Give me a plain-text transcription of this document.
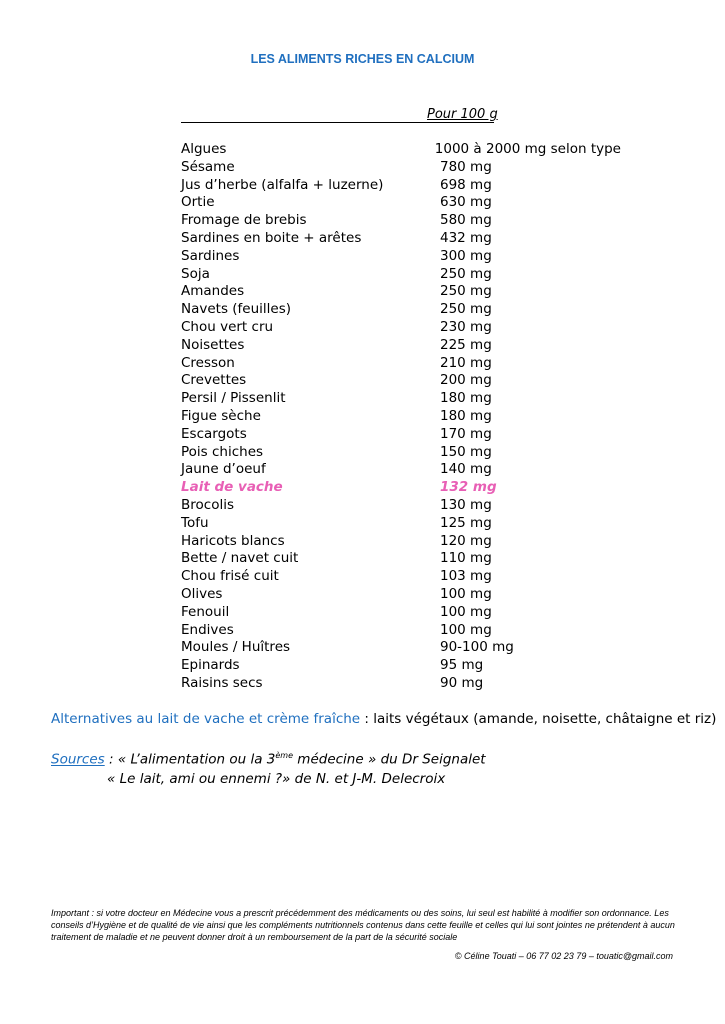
LES ALIMENTS RICHES EN CALCIUM
Pour 100 g
Algues	1000 à 2000 mg selon type
Sésame	780 mg
Jus d’herbe (alfalfa + luzerne)	698 mg
Ortie	630 mg
Fromage de brebis	580 mg
Sardines en boite + arêtes	432 mg
Sardines	300 mg
Soja	250 mg
Amandes	250 mg
Navets (feuilles)	250 mg
Chou vert cru	230 mg
Noisettes	225 mg
Cresson	210 mg
Crevettes	200 mg
Persil / Pissenlit	180 mg
Figue sèche	180 mg
Escargots	170 mg
Pois chiches	150 mg
Jaune d’oeuf	140 mg
Lait de vache	132 mg
Brocolis	130 mg
Tofu	125 mg
Haricots blancs	120 mg
Bette / navet cuit	110 mg
Chou frisé cuit	103 mg
Olives	100 mg
Fenouil	100 mg
Endives	100 mg
Moules / Huîtres	90-100 mg
Epinards	95 mg
Raisins secs	90 mg
Alternatives au lait de vache et crème fraîche : laits végétaux (amande, noisette, châtaigne et riz)
Sources : « L’alimentation ou la 3ème médecine » du Dr Seignalet
« Le lait, ami ou ennemi ?» de N. et J-M. Delecroix
Important : si votre docteur en Médecine vous a prescrit précédemment des médicaments ou des soins, lui seul est habilité à modifier son ordonnance. Les conseils d’Hygiène et de qualité de vie ainsi que les compléments nutritionnels contenus dans cette feuille et celles qui lui sont jointes ne prétendent à aucun traitement de maladie et ne peuvent donner droit à un remboursement de la part de la sécurité sociale
© Céline Touati – 06 77 02 23 79 – touatic@gmail.com
